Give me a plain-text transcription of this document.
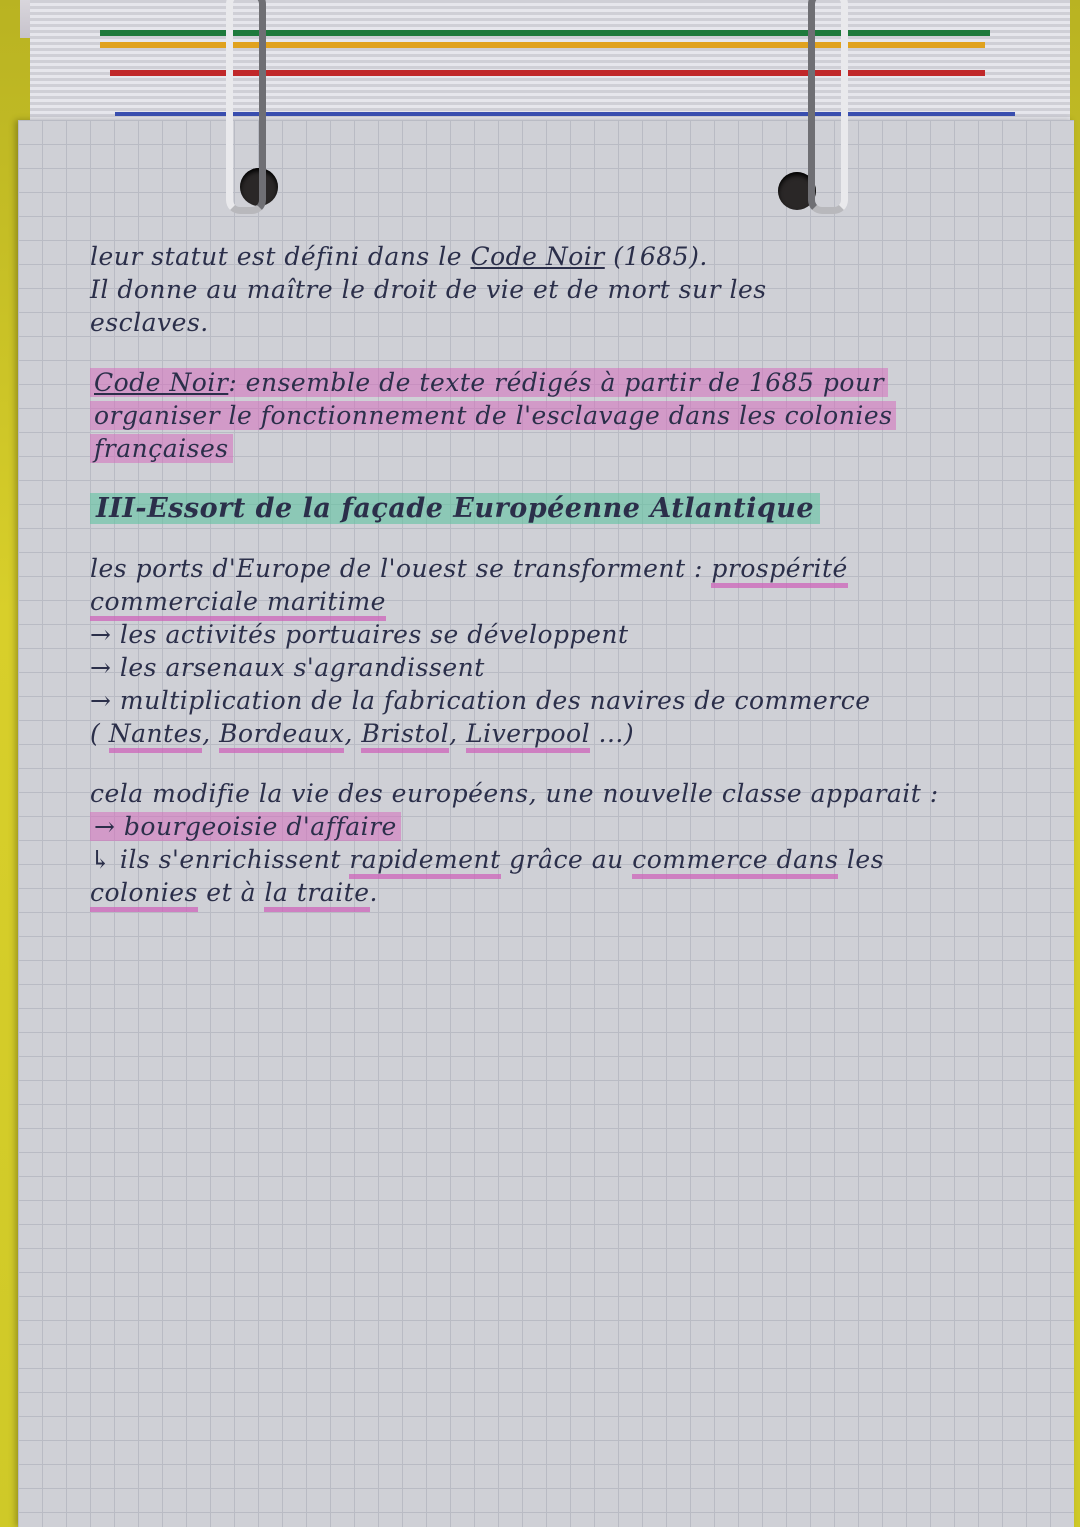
leur statut est défini dans le Code Noir (1685).
Il donne au maître le droit de vie et de mort sur les
esclaves.
Code Noir: ensemble de texte rédigés à partir de 1685 pour
organiser le fonctionnement de l'esclavage dans les colonies
françaises
III-Essort de la façade Européenne Atlantique
les ports d'Europe de l'ouest se transforment : prospérité
commerciale maritime
→ les activités portuaires se développent
→ les arsenaux s'agrandissent
→ multiplication de la fabrication des navires de commerce
( Nantes, Bordeaux, Bristol, Liverpool ...)
cela modifie la vie des européens, une nouvelle classe apparait :
→ bourgeoisie d'affaire
↳ ils s'enrichissent rapidement grâce au commerce dans les
colonies et à la traite.
